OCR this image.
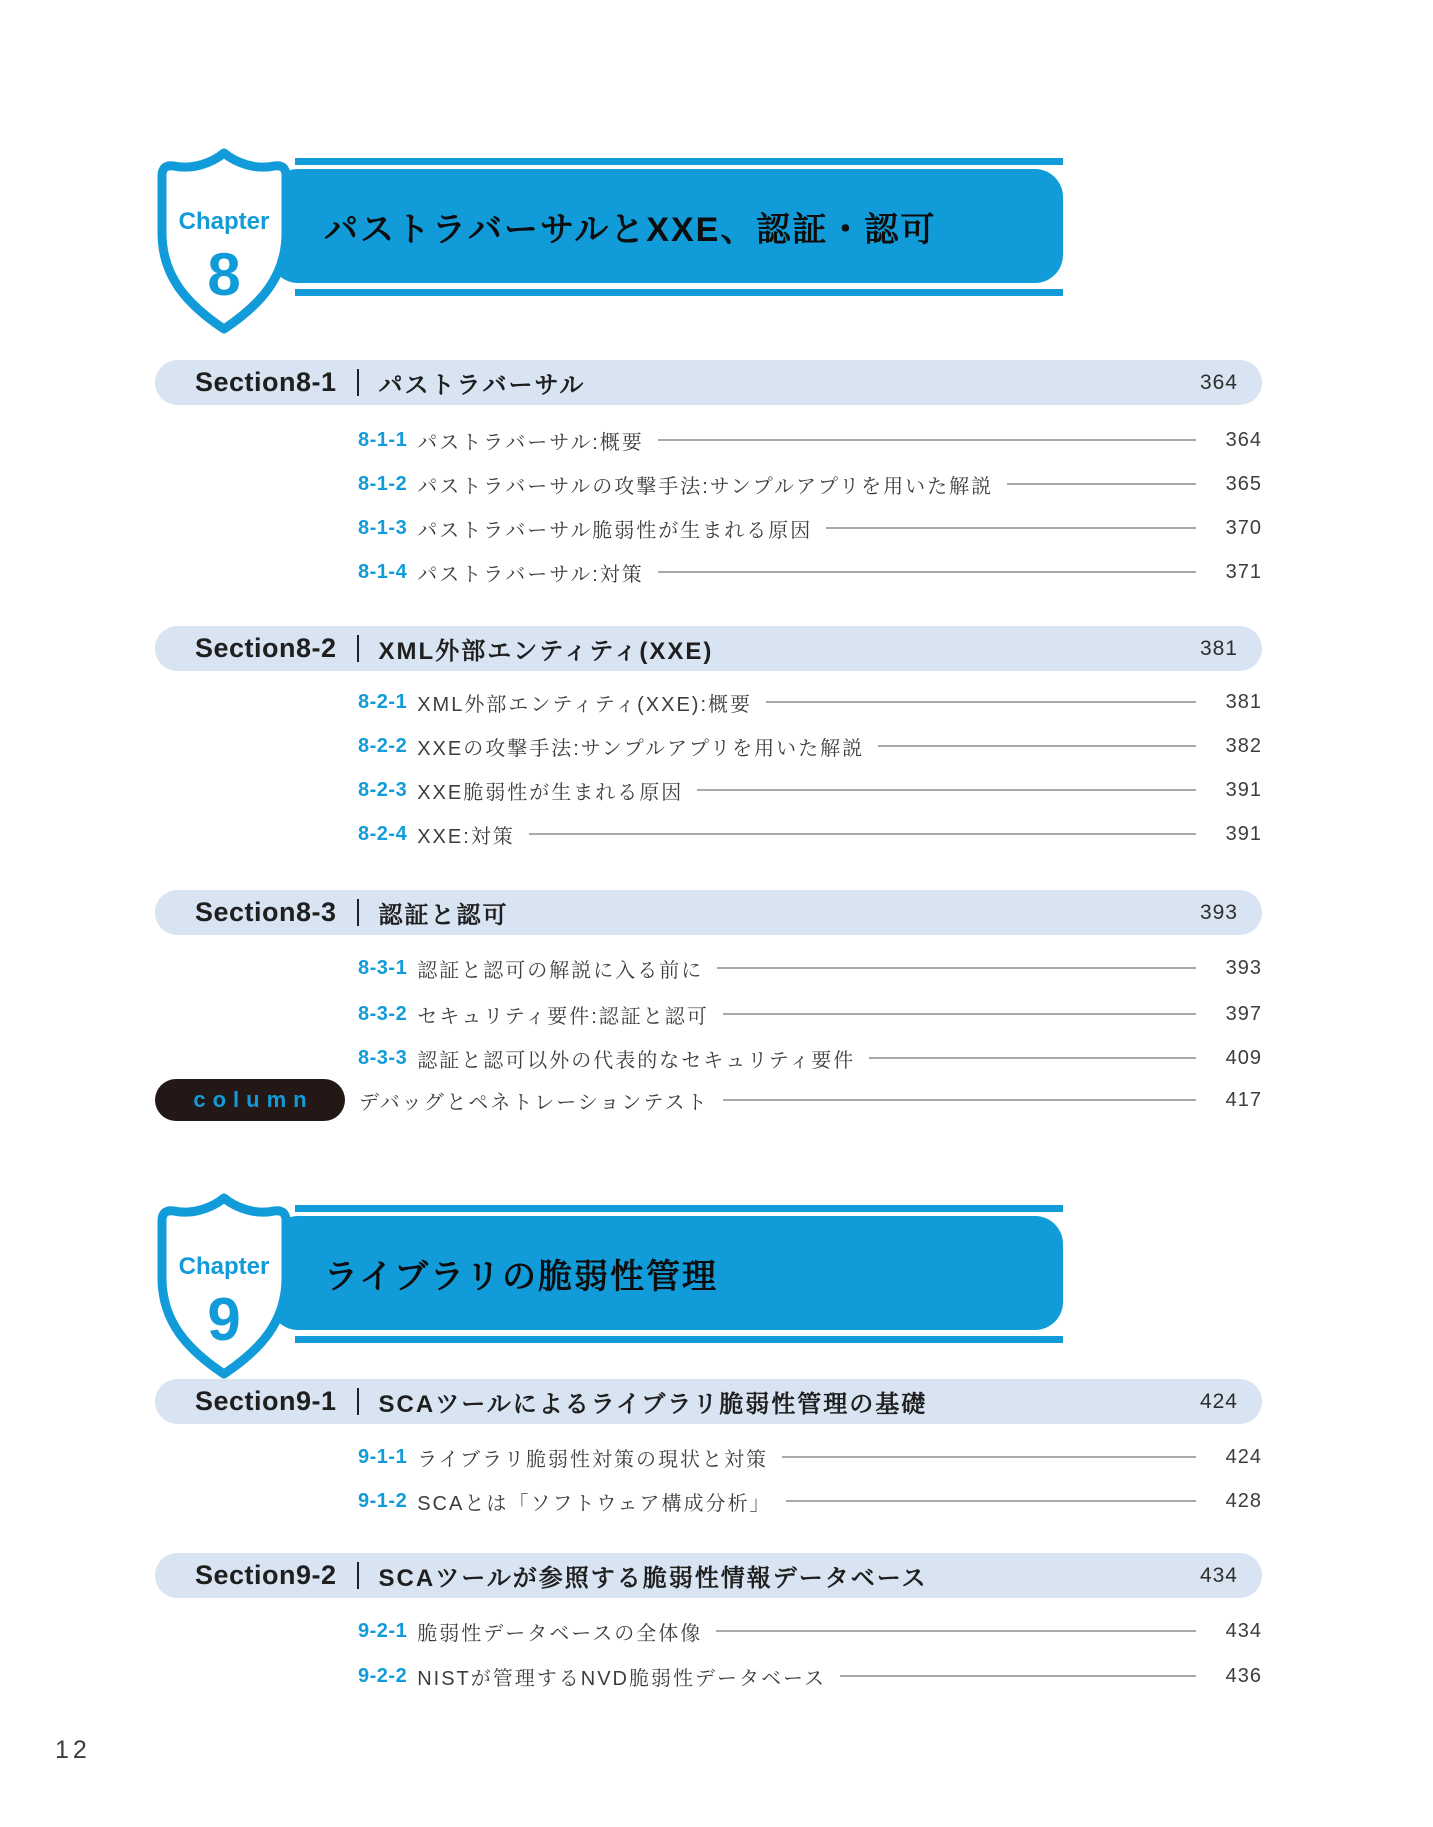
パストラバーサルとXXE、認証・認可
Chapter
8
Section8-1 パストラバーサル	364
8-1-1 パストラバーサル:概要	364
8-1-2 パストラバーサルの攻撃手法:サンプルアプリを用いた解説	365
8-1-3 パストラバーサル脆弱性が生まれる原因	370
8-1-4 パストラバーサル:対策	371
Section8-2 XML外部エンティティ(XXE)	381
8-2-1 XML外部エンティティ(XXE):概要	381
8-2-2 XXEの攻撃手法:サンプルアプリを用いた解説	382
8-2-3 XXE脆弱性が生まれる原因	391
8-2-4 XXE:対策	391
Section8-3 認証と認可	393
8-3-1 認証と認可の解説に入る前に	393
8-3-2 セキュリティ要件:認証と認可	397
8-3-3 認証と認可以外の代表的なセキュリティ要件	409
column デバッグとペネトレーションテスト	417
ライブラリの脆弱性管理
Chapter
9
Section9-1 SCAツールによるライブラリ脆弱性管理の基礎	424
9-1-1 ライブラリ脆弱性対策の現状と対策	424
9-1-2 SCAとは「ソフトウェア構成分析」	428
Section9-2 SCAツールが参照する脆弱性情報データベース	434
9-2-1 脆弱性データベースの全体像	434
9-2-2 NISTが管理するNVD脆弱性データベース	436
12
